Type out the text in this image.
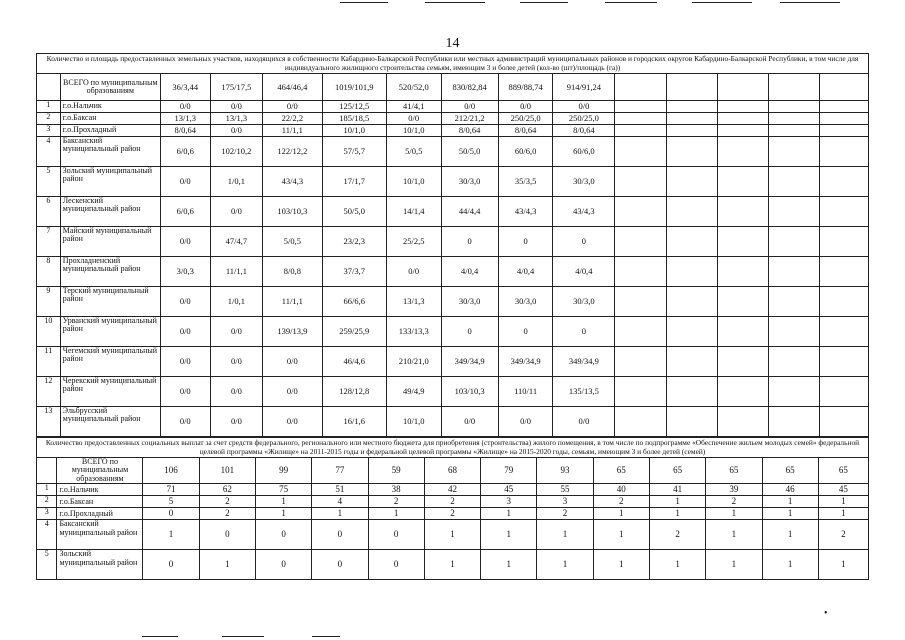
•
14
Количество и площадь предоставленных земельных участков, находящихся в собственности Кабардино-Балкарской Республики или местных администраций муниципальных районов и городских округов Кабардино-Балкарской Республики, в том числе для индивидуального жилищного строительства семьям, имеющим 3 и более детей (кол-во (шт)/площадь (га))														
	ВСЕГО по муниципальным образованиям	36/3,44	175/17,5	464/46,4	1019/101,9	520/52,0	830/82,84	889/88,74	914/91,24					
1	г.о.Нальчик	0/0	0/0	0/0	125/12,5	41/4,1	0/0	0/0	0/0					
2	г.о.Баксан	13/1,3	13/1,3	22/2,2	185/18,5	0/0	212/21,2	250/25,0	250/25,0					
3	г.о.Прохладный	8/0,64	0/0	11/1,1	10/1,0	10/1,0	8/0,64	8/0,64	8/0,64					
4	Баксанский муниципальный район	6/0,6	102/10,2	122/12,2	57/5,7	5/0,5	50/5,0	60/6,0	60/6,0					
5	Зольский муниципальный район	0/0	1/0,1	43/4,3	17/1,7	10/1,0	30/3,0	35/3,5	30/3,0					
6	Лескенский муниципальный район	6/0,6	0/0	103/10,3	50/5,0	14/1,4	44/4,4	43/4,3	43/4,3					
7	Майский муниципальный район	0/0	47/4,7	5/0,5	23/2,3	25/2,5	0	0	0					
8	Прохладненский муниципальный район	3/0,3	11/1,1	8/0,8	37/3,7	0/0	4/0,4	4/0,4	4/0,4					
9	Терский муниципальный район	0/0	1/0,1	11/1,1	66/6,6	13/1,3	30/3,0	30/3,0	30/3,0					
10	Урванский муниципальный район	0/0	0/0	139/13,9	259/25,9	133/13,3	0	0	0					
11	Чегемский муниципальный район	0/0	0/0	0/0	46/4,6	210/21,0	349/34,9	349/34,9	349/34,9					
12	Черекский муниципальный район	0/0	0/0	0/0	128/12,8	49/4,9	103/10,3	110/11	135/13,5					
13	Эльбрусский муниципальный район	0/0	0/0	0/0	16/1,6	10/1,0	0/0	0/0	0/0					
Количество предоставленных социальных выплат за счет средств федерального, регионального или местного бюджета для приобретения (строительства) жилого помещения, в том числе по подпрограмме «Обеспечение жильем молодых семей» федеральной целевой программы «Жилище» на 2011-2015 годы и федеральной целевой программы «Жилище» на 2015-2020 годы, семьям, имеющим 3 и более детей (семей)														
	ВСЕГО по муниципальным образованиям	106	101	99	77	59	68	79	93	65	65	65	65	65
1	г.о.Нальчик	71	62	75	51	38	42	45	55	40	41	39	46	45
2	г.о.Баксан	5	2	1	4	2	2	3	3	2	1	2	1	1
3	г.о.Прохладный	0	2	1	1	1	2	1	2	1	1	1	1	1
4	Баксанский муниципальный район	1	0	0	0	0	1	1	1	1	2	1	1	2
5	Зольский муниципальный район	0	1	0	0	0	1	1	1	1	1	1	1	1
